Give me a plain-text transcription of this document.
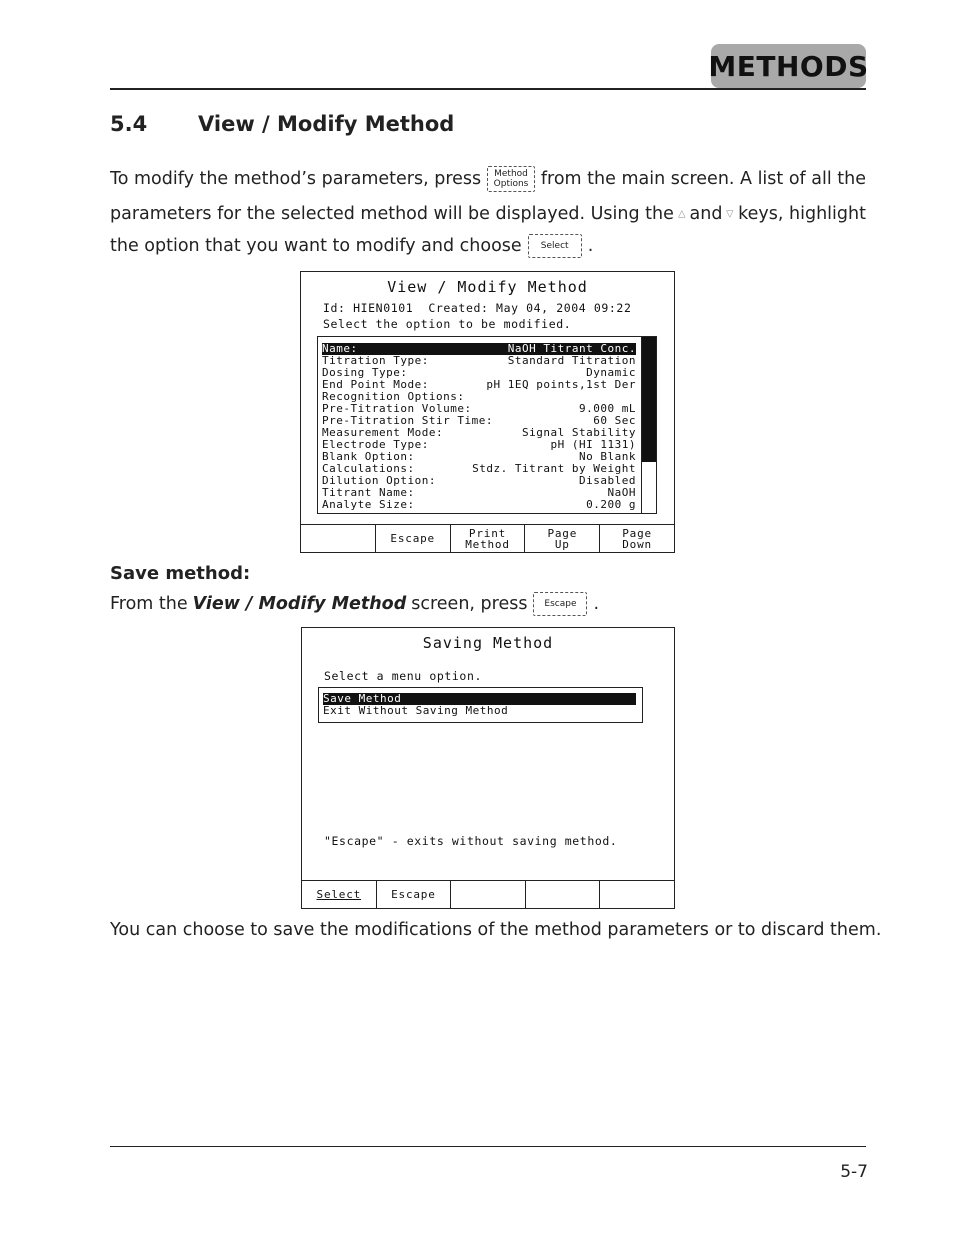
METHODS
5.4 View / Modify Method
To modify the method’s parameters, press Method
Options from the main screen. A list of all the
parameters for the selected method will be displayed. Using the and keys, highlight
the option that you want to modify and choose Select .
View / Modify Method
Id: HIEN0101  Created: May 04, 2004 09:22
Select the option to be modified.
Name:	NaOH Titrant Conc.
Titration Type:	Standard Titration
Dosing Type:	Dynamic
End Point Mode:	pH 1EQ points,1st Der
Recognition Options:
Pre-Titration Volume:	9.000 mL
Pre-Titration Stir Time:	60 Sec
Measurement Mode:	Signal Stability
Electrode Type:	pH (HI 1131)
Blank Option:	No Blank
Calculations:	Stdz. Titrant by Weight
Dilution Option:	Disabled
Titrant Name:	NaOH
Analyte Size:	0.200 g
Escape	Print
Method
Page
Up
Page
Down
Save method:
From the View / Modify Method screen, press Escape .
Saving Method
Select a menu option.
Save Method
Exit Without Saving Method
"Escape" - exits without saving method.
Select	Escape
You can choose to save the modifications of the method parameters or to discard them.
5-7
